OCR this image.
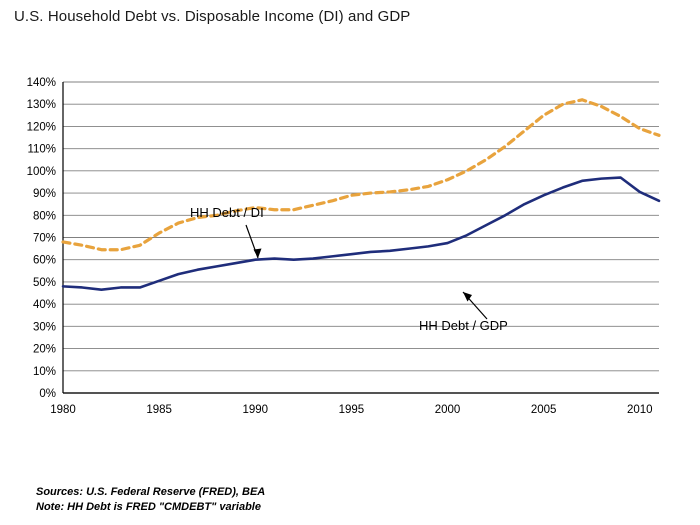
U.S. Household Debt vs. Disposable Income (DI) and GDP
0%
10%
20%
30%
40%
50%
60%
70%
80%
90%
100%
110%
120%
130%
140%
1980	1985	1990	1995	2000	2005	2010
HH Debt / DI
HH Debt / GDP
Sources: U.S. Federal Reserve (FRED), BEA
Note: HH Debt is FRED "CMDEBT" variable
